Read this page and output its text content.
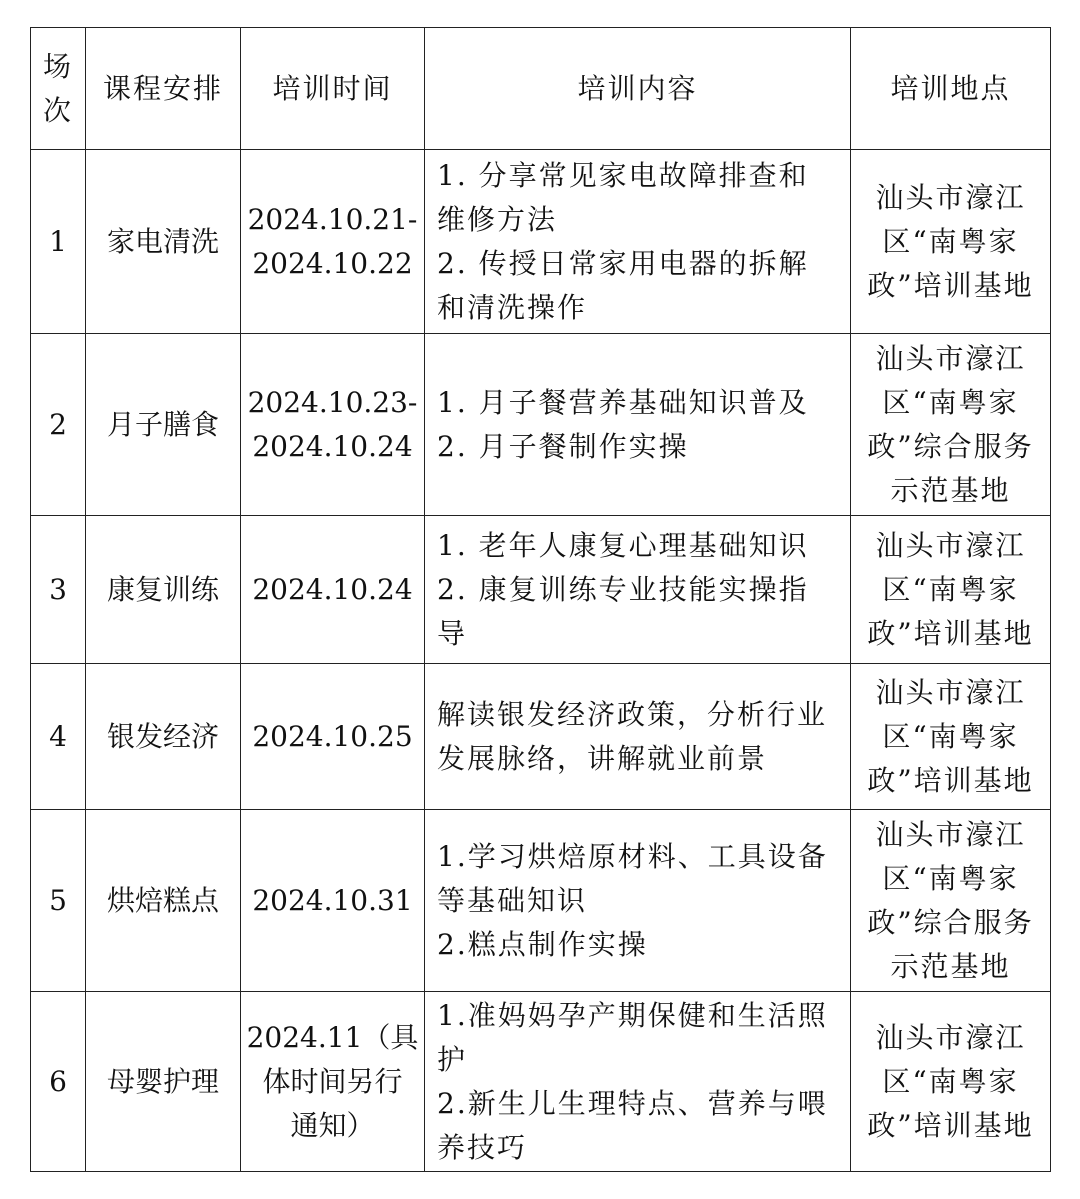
场次	课程安排	培训时间	培训内容	培训地点
1	家电清洗	2024.10.21-
2024.10.22	1. 分享常见家电故障排查和
维修方法
2. 传授日常家用电器的拆解
和清洗操作	汕头市濠江
区“南粤家
政”培训基地

2	月子膳食	2024.10.23-
2024.10.24	1. 月子餐营养基础知识普及
2. 月子餐制作实操	汕头市濠江
区“南粤家
政”综合服务
示范基地

3	康复训练	2024.10.24	1. 老年人康复心理基础知识
2. 康复训练专业技能实操指
导	汕头市濠江
区“南粤家
政”培训基地

4	银发经济	2024.10.25	解读银发经济政策，分析行业
发展脉络，讲解就业前景	汕头市濠江
区“南粤家
政”培训基地

5	烘焙糕点	2024.10.31	1.学习烘焙原材料、工具设备
等基础知识
2.糕点制作实操	汕头市濠江
区“南粤家
政”综合服务
示范基地

6	母婴护理	2024.11（具
体时间另行
通知）	1.准妈妈孕产期保健和生活照
护
2.新生儿生理特点、营养与喂
养技巧	汕头市濠江
区“南粤家
政”培训基地
